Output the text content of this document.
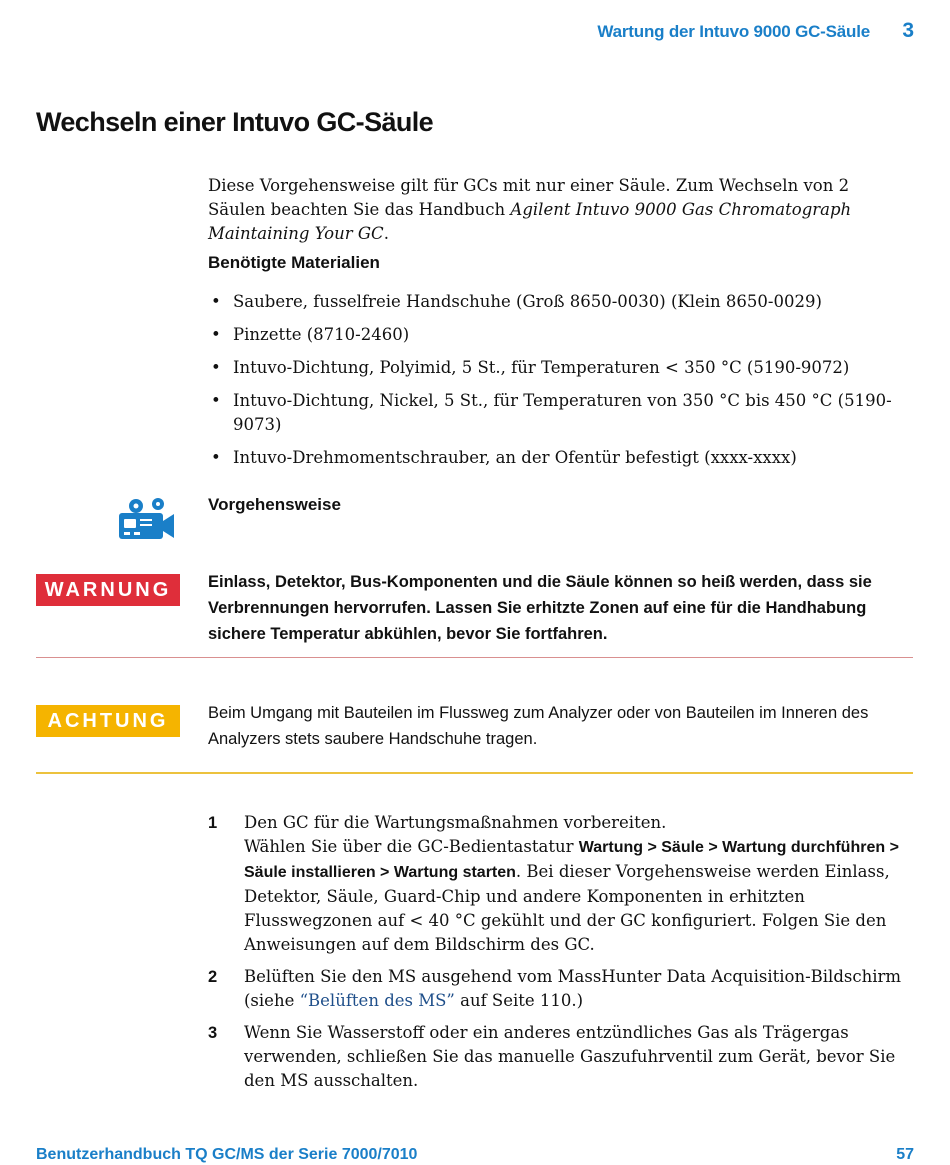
Wartung der Intuvo 9000 GC-Säule 3
Wechseln einer Intuvo GC-Säule

Diese Vorgehensweise gilt für GCs mit nur einer Säule. Zum Wechseln von 2 Säulen beachten Sie das Handbuch Agilent Intuvo 9000 Gas Chromatograph Maintaining Your GC.

Benötigte Materialien
• Saubere, fusselfreie Handschuhe (Groß 8650-0030) (Klein 8650-0029)
• Pinzette (8710-2460)
• Intuvo-Dichtung, Polyimid, 5 St., für Temperaturen < 350 °C (5190-9072)
• Intuvo-Dichtung, Nickel, 5 St., für Temperaturen von 350 °C bis 450 °C (5190-9073)
• Intuvo-Drehmomentschrauber, an der Ofentür befestigt (xxxx-xxxx)
Vorgehensweise
WARNUNG	Einlass, Detektor, Bus-Komponenten und die Säule können so heiß werden, dass sie Verbrennungen hervorrufen. Lassen Sie erhitzte Zonen auf eine für die Handhabung sichere Temperatur abkühlen, bevor Sie fortfahren.
ACHTUNG	Beim Umgang mit Bauteilen im Flussweg zum Analyzer oder von Bauteilen im Inneren des Analyzers stets saubere Handschuhe tragen.
1 Den GC für die Wartungsmaßnahmen vorbereiten.
Wählen Sie über die GC-Bedientastatur Wartung > Säule > Wartung durchführen > Säule installieren > Wartung starten. Bei dieser Vorgehensweise werden Einlass, Detektor, Säule, Guard-Chip und andere Komponenten in erhitzten Flusswegzonen auf < 40 °C gekühlt und der GC konfiguriert. Folgen Sie den Anweisungen auf dem Bildschirm des GC.
2 Belüften Sie den MS ausgehend vom MassHunter Data Acquisition-Bildschirm (siehe “Belüften des MS” auf Seite 110.)
3 Wenn Sie Wasserstoff oder ein anderes entzündliches Gas als Trägergas verwenden, schließen Sie das manuelle Gaszufuhrventil zum Gerät, bevor Sie den MS ausschalten.
Benutzerhandbuch TQ GC/MS der Serie 7000/7010	57
